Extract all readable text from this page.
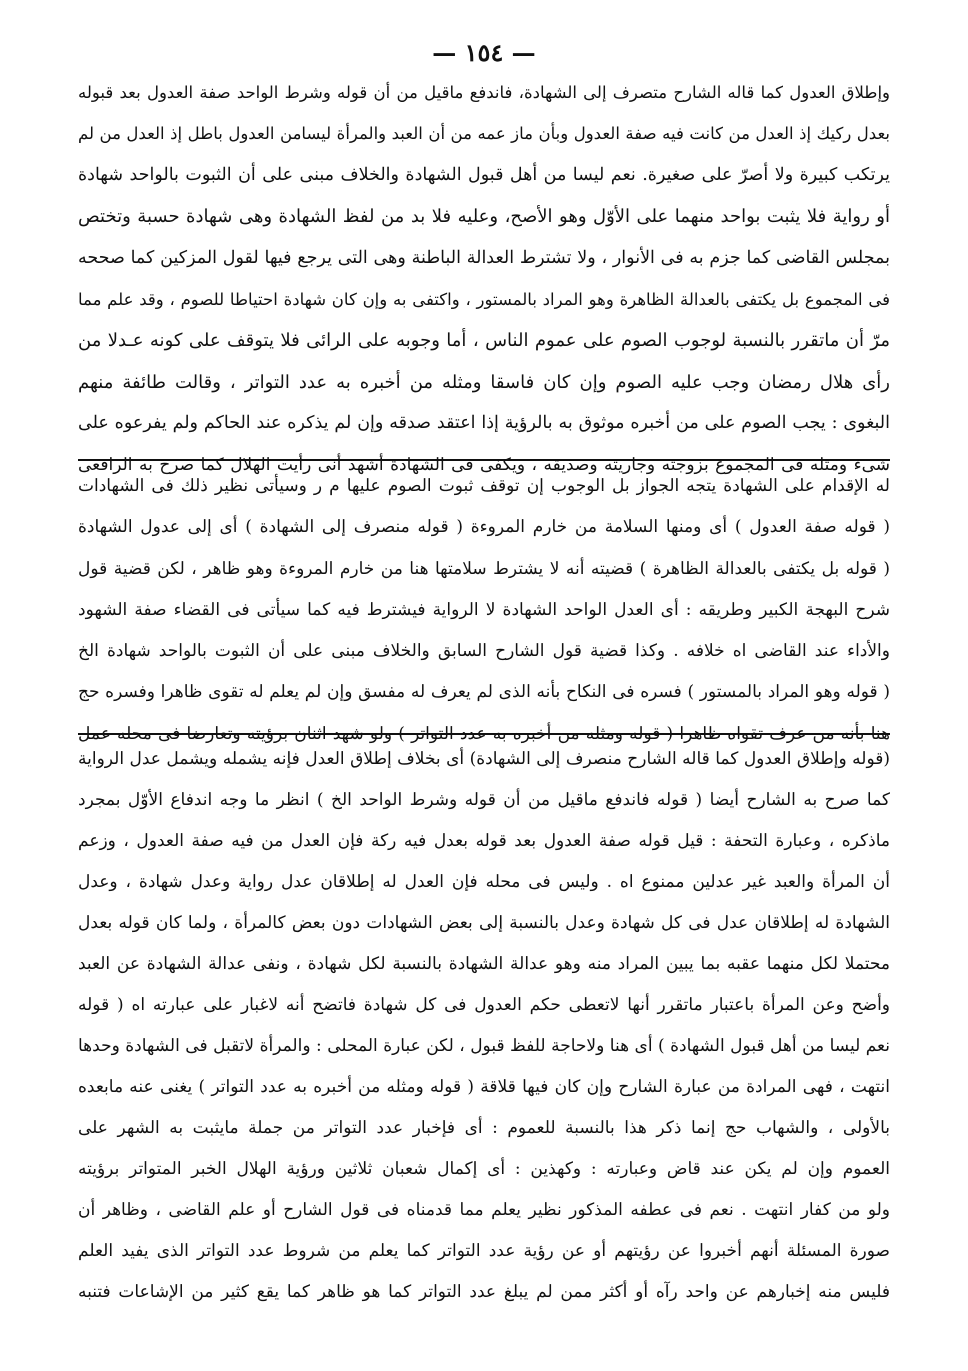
— ١٥٤ —
وإطلاق العدول كما قاله الشارح متصرف إلى الشهادة، فاندفع ماقيل من أن قوله وشرط الواحد صفة العدول بعد قبوله
بعدل ركيك إذ العدل من كانت فيه صفة العدول وبأن ماز عمه من أن العبد والمرأة ليسامن العدول باطل إذ العدل من لم
يرتكب كبيرة ولا أصرّ على صغيرة. نعم ليسا من أهل قبول الشهادة والخلاف مبنى على أن الثبوت بالواحد شهادة
أو رواية فلا يثبت بواحد منهما على الأوّل وهو الأصح، وعليه فلا بد من لفظ الشهادة وهى شهادة حسبة وتختص
بمجلس القاضى كما جزم به فى الأنوار ، ولا تشترط العدالة الباطنة وهى التى يرجع فيها لقول المزكين كما صححه
فى المجموع بل يكتفى بالعدالة الظاهرة وهو المراد بالمستور ، واكتفى به وإن كان شهادة احتياطا للصوم ، وقد علم مما
مرّ أن ماتقرر بالنسبة لوجوب الصوم على عموم الناس ، أما وجوبه على الرائى فلا يتوقف على كونه عـدلا من
رأى هلال رمضان وجب عليه الصوم وإن كان فاسقا ومثله من أخبره به عدد التواتر ، وقالت طائفة منهم
البغوى : يجب الصوم على من أخبره موثوق به بالرؤية إذا اعتقد صدقه وإن لم يذكره عند الحاكم ولم يفرعوه على
شىء ومثله فى المجموع بزوجته وجاريته وصديقه ، ويكفى فى الشهادة أشهد أنى رأيت الهلال كما صرح به الرافعى
له الإقدام على الشهادة يتجه الجواز بل الوجوب إن توقف ثبوت الصوم عليها م ر وسيأتى نظير ذلك فى الشهادات
( قوله صفة العدول ) أى ومنها السلامة من خارم المروءة ( قوله منصرف إلى الشهادة ) أى إلى عدول الشهادة
( قوله بل يكتفى بالعدالة الظاهرة ) قضيته أنه لا يشترط سلامتها هنا من خارم المروءة وهو ظاهر ، لكن قضية قول
شرح البهجة الكبير وطريقه : أى العدل الواحد الشهادة لا الرواية فيشترط فيه كما سيأتى فى القضاء صفة الشهود
والأداء عند القاضى اه خلافه . وكذا قضية قول الشارح السابق والخلاف مبنى على أن الثبوت بالواحد شهادة الخ
( قوله وهو المراد بالمستور ) فسره فى النكاح بأنه الذى لم يعرف له مفسق وإن لم يعلم له تقوى ظاهرا وفسره حج
هنا بأنه من عرف تقواه ظاهرا ( قوله ومثله من أخبره به عدد التواتر ) ولو شهد اثنان برؤيته وتعارضا فى محله عمل
(قوله وإطلاق العدول كما قاله الشارح منصرف إلى الشهادة) أى بخلاف إطلاق العدل فإنه يشمله ويشمل عدل الرواية
كما صرح به الشارح أيضا ( قوله فاندفع ماقيل من أن قوله وشرط الواحد الخ ) انظر ما وجه اندفاع الأوّل بمجرد
ماذكره ، وعبارة التحفة : قيل قوله صفة العدول بعد قوله بعدل فيه ركة فإن العدل من فيه صفة العدول ، وزعم
أن المرأة والعبد غير عدلين ممنوع اه . وليس فى محله فإن العدل له إطلاقان عدل رواية وعدل شهادة ، وعدل
الشهادة له إطلاقان عدل فى كل شهادة وعدل بالنسبة إلى بعض الشهادات دون بعض كالمرأة ، ولما كان قوله بعدل
محتملا لكل منهما عقبه بما يبين المراد منه وهو عدالة الشهادة بالنسبة لكل شهادة ، ونفى عدالة الشهادة عن العبد
وأضح وعن المرأة باعتبار ماتقرر أنها لاتعطى حكم العدول فى كل شهادة فاتضح أنه لاغبار على عبارته اه ( قوله
نعم ليسا من أهل قبول الشهادة ) أى هنا ولاحاجة للفظ قبول ، لكن عبارة المحلى : والمرأة لاتقبل فى الشهادة وحدها
انتهت ، فهى المرادة من عبارة الشارح وإن كان فيها قلاقة ( قوله ومثله من أخبره به عدد التواتر ) يغنى عنه مابعده
بالأولى ، والشهاب حج إنما ذكر هذا بالنسبة للعموم : أى فإخبار عدد التواتر من جملة مايثبت به الشهر على
العموم وإن لم يكن عند قاض وعبارته : وكهذين : أى إكمال شعبان ثلاثين ورؤية الهلال الخبر المتواتر برؤيته
ولو من كفار انتهت . نعم فى عطفه المذكور نظير يعلم مما قدمناه فى قول الشارح أو علم القاضى ، وظاهر أن
صورة المسئلة أنهم أخبروا عن رؤيتهم أو عن رؤية عدد التواتر كما يعلم من شروط عدد التواتر الذى يفيد العلم
فليس منه إخبارهم عن واحد رآه أو أكثر ممن لم يبلغ عدد التواتر كما هو ظاهر كما يقع كثير من الإشاعات فتنبه
